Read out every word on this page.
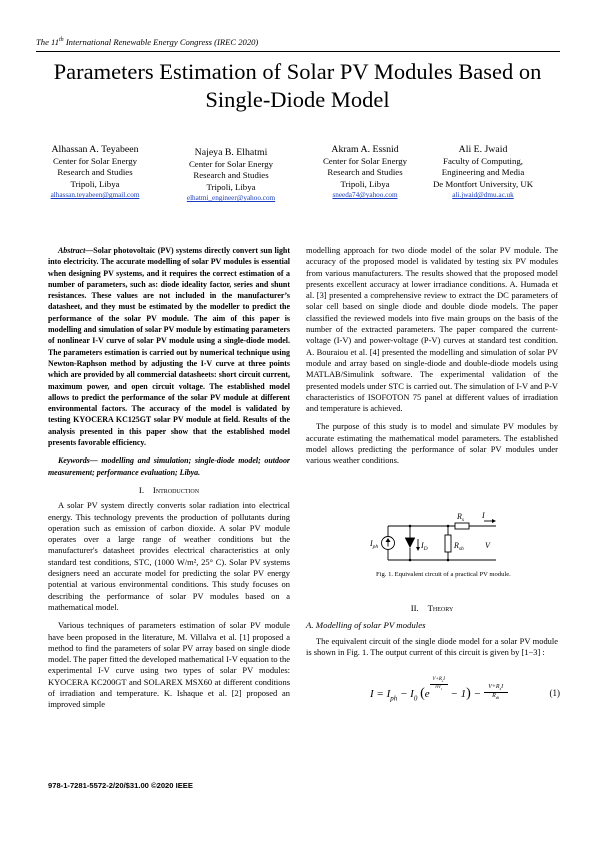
The 11th International Renewable Energy Congress (IREC 2020)
Parameters Estimation of Solar PV Modules Based on
Single-Diode Model
Alhassan A. Teyabeen
Center for Solar Energy
Research and Studies
Tripoli, Libya
alhassan.teyabeen@gmail.com
Najeya B. Elhatmi
Center for Solar Energy
Research and Studies
Tripoli, Libya
elhatmi_engineer@yahoo.com
Akram A. Essnid
Center for Solar Energy
Research and Studies
Tripoli, Libya
sneeda74@yahoo.com
Ali E. Jwaid
Faculty of Computing,
Engineering and Media
De Montfort University, UK
ali.jwaid@dmu.ac.uk

Abstract—Solar photovoltaic (PV) systems directly convert sun light into electricity. The accurate modelling of solar PV modules is essential when designing PV systems, and it requires the correct estimation of a number of parameters, such as: diode ideality factor, series and shunt resistances. These values are not included in the manufacturer’s datasheet, and they must be estimated by the modeller to predict the performance of the solar PV module. The aim of this paper is modelling and simulation of solar PV module by estimating parameters of nonlinear I-V curve of solar PV module using a single-diode model. The parameters estimation is carried out by numerical technique using Newton-Raphson method by adjusting the I-V curve at three points which are provided by all commercial datasheets: short circuit current, maximum power, and open circuit voltage. The established model allows to predict the performance of the solar PV module at different environmental factors. The accuracy of the model is validated by testing KYOCERA KC125GT solar PV module at field. Results of the analysis presented in this paper show that the established model presents favorable efficiency.

Keywords— modelling and simulation; single-diode model; outdoor measurement; performance evaluation; Libya.

I. Introduction

A solar PV system directly converts solar radiation into electrical energy. This technology prevents the production of pollutants during operation such as emission of carbon dioxide. A solar PV module operates over a large range of weather conditions but the manufacturer's datasheet provides electrical characteristics at only standard test conditions, STC, (1000 W/m², 25° C). Solar PV systems designers need an accurate model for predicting the solar PV energy potential at various environmental conditions. This study focuses on describing the performance of solar PV modules based on a mathematical model.

Various techniques of parameters estimation of solar PV module have been proposed in the literature, M. Villalva et al. [1] proposed a method to find the parameters of solar PV array based on single diode model. The paper fitted the developed mathematical I-V equation to the experimental I-V curve using two types of solar PV modules: KYOCERA KC200GT and SOLAREX MSX60 at different conditions of irradiation and temperature. K. Ishaque et al. [2] proposed an improved simple

modelling approach for two diode model of the solar PV module. The accuracy of the proposed model is validated by testing six PV modules from various manufacturers. The results showed that the proposed model presents excellent accuracy at lower irradiance conditions. A. Humada et al. [3] presented a comprehensive review to extract the DC parameters of solar cell based on single diode and double diode models. The paper classified the reviewed models into five main groups on the basis of the number of the extracted parameters. The paper compared the current-voltage (I-V) and power-voltage (P-V) curves at standard test condition. A. Bouraiou et al. [4] presented the modelling and simulation of solar PV module and array based on single-diode and double-diode models using MATLAB/Simulink software. The experimental validation of the presented models under STC is carried out. The simulation of I-V and P-V characteristics of ISOFOTON 75 panel at different values of irradiation and temperature is achieved.

The purpose of this study is to model and simulate PV modules by accurate estimating the mathematical model parameters. The established model allows predicting the performance of solar PV modules under various weather conditions.

$I_{ph}$	$I_D$
$R_s$
$R_{sh}$
I
V
Fig. 1. Equivalent circuit of a practical PV module.
II. Theory
A. Modelling of solar PV modules

The equivalent circuit of the single diode model for a solar PV module is shown in Fig. 1. The output current of this circuit is given by [1−3] :

$I = I_{ph} - I_0$ (e
$V+R_sI$
$nV_t - 1$) −
$V+R_sI$
$R_{sh}$	(1)
978-1-7281-5572-2/20/$31.00 ©2020 IEEE
